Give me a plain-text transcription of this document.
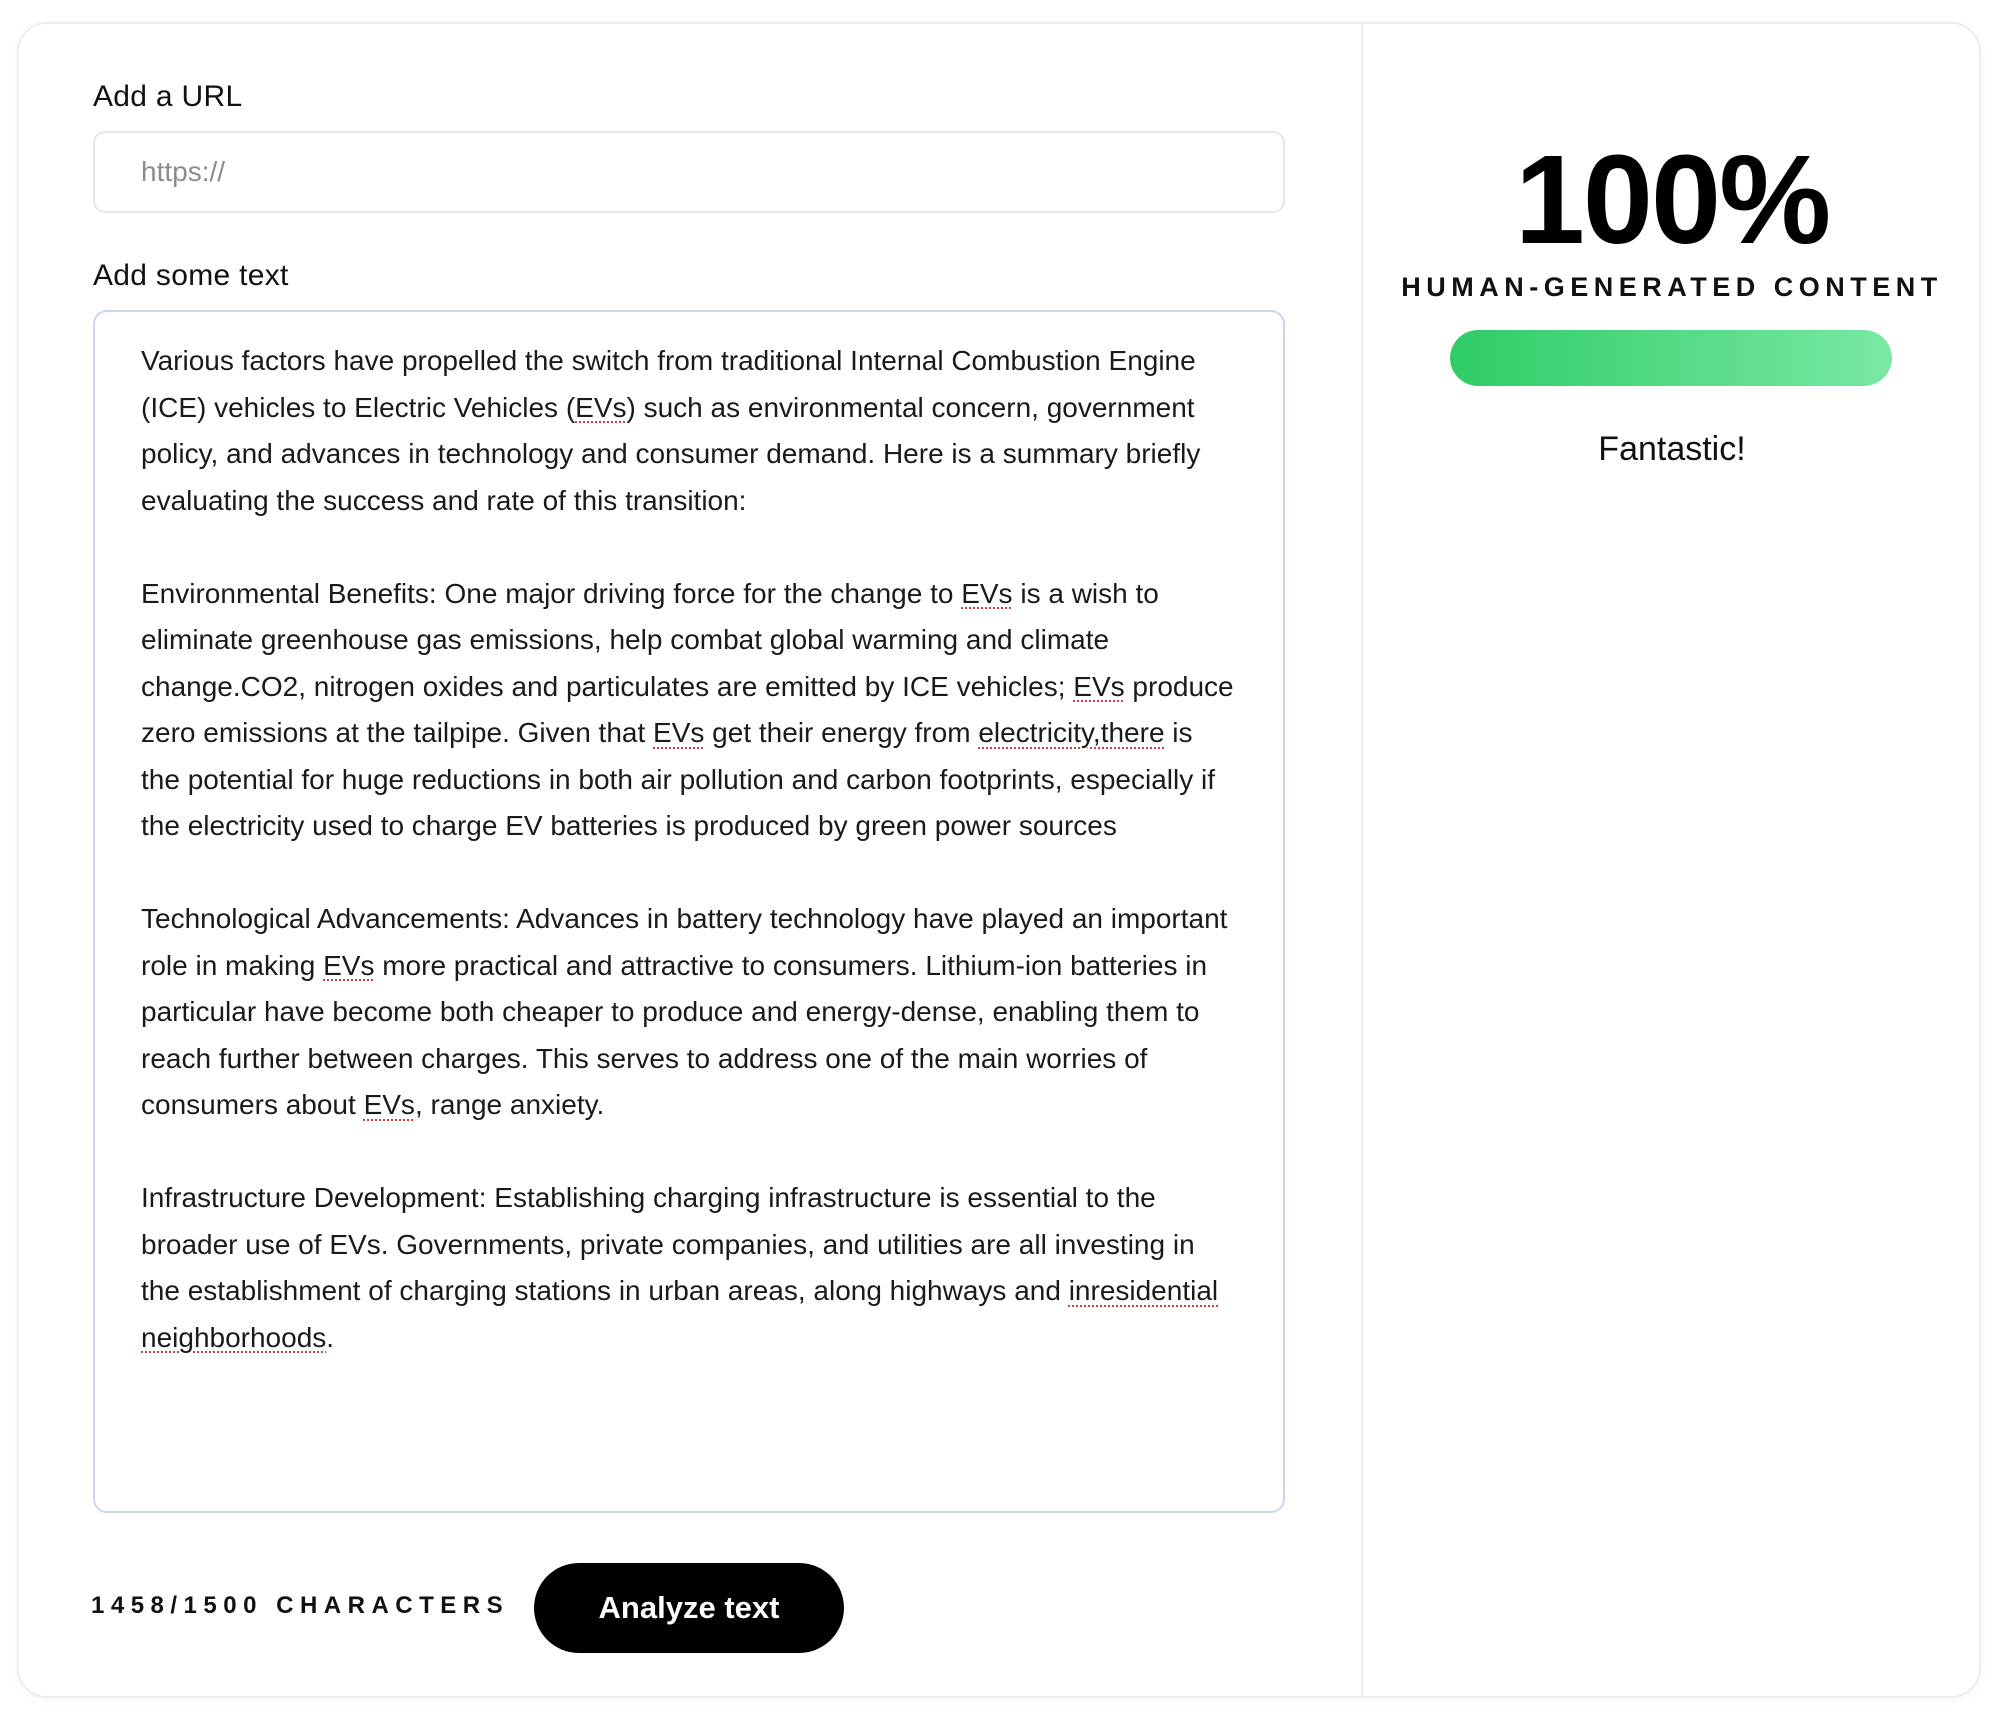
Add a URL
https://
Add some text

Various factors have propelled the switch from traditional Internal Combustion Engine (ICE) vehicles to Electric Vehicles (EVs) such as environmental concern, government policy, and advances in technology and consumer demand. Here is a summary briefly evaluating the success and rate of this transition:

Environmental Benefits: One major driving force for the change to EVs is a wish to eliminate greenhouse gas emissions, help combat global warming and climate change.CO2, nitrogen oxides and particulates are emitted by ICE vehicles; EVs produce zero emissions at the tailpipe. Given that EVs get their energy from electricity,there is the potential for huge reductions in both air pollution and carbon footprints, especially if the electricity used to charge EV batteries is produced by green power sources

Technological Advancements: Advances in battery technology have played an important role in making EVs more practical and attractive to consumers. Lithium-ion batteries in particular have become both cheaper to produce and energy-dense, enabling them to reach further between charges. This serves to address one of the main worries of consumers about EVs, range anxiety.

Infrastructure Development: Establishing charging infrastructure is essential to the broader use of EVs. Governments, private companies, and utilities are all investing in the establishment of charging stations in urban areas, along highways and inresidential neighborhoods.

1458/1500 CHARACTERS	Analyze text
100%
HUMAN-GENERATED CONTENT
Fantastic!
